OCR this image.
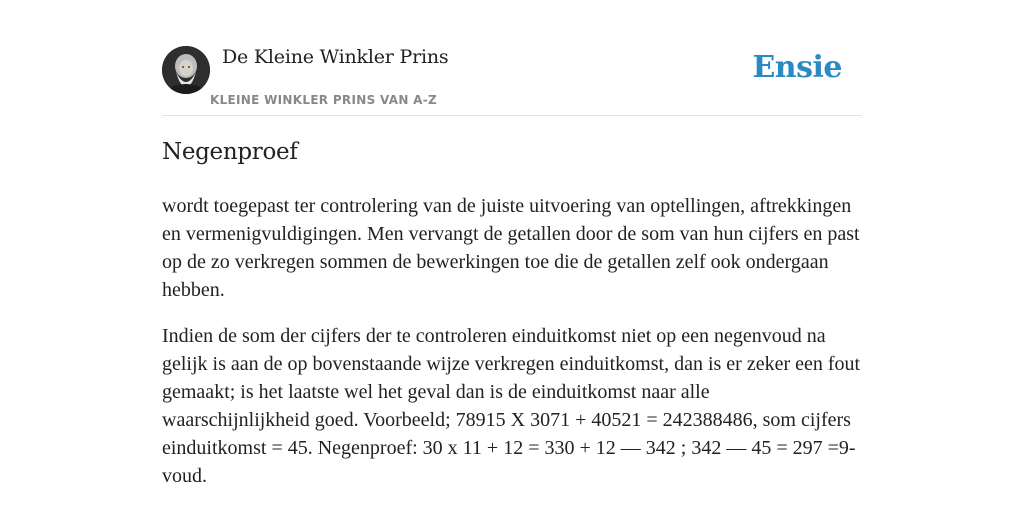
De Kleine Winkler Prins
KLEINE WINKLER PRINS VAN A-Z
Ensie
Negenproef

wordt toegepast ter controlering van de juiste uitvoering van optellingen, aftrekkingen en vermenigvuldigingen. Men vervangt de getallen door de som van hun cijfers en past op de zo verkregen sommen de bewerkingen toe die de getallen zelf ook ondergaan hebben.

Indien de som der cijfers der te controleren einduitkomst niet op een negenvoud na gelijk is aan de op bovenstaande wijze verkregen einduitkomst, dan is er zeker een fout gemaakt; is het laatste wel het geval dan is de einduitkomst naar alle waarschijnlijkheid goed. Voorbeeld; 78915 X 3071 + 40521 = 242388486, som cijfers einduitkomst = 45. Negenproef: 30 x 11 + 12 = 330 + 12 — 342 ; 342 — 45 = 297 =9-voud.
